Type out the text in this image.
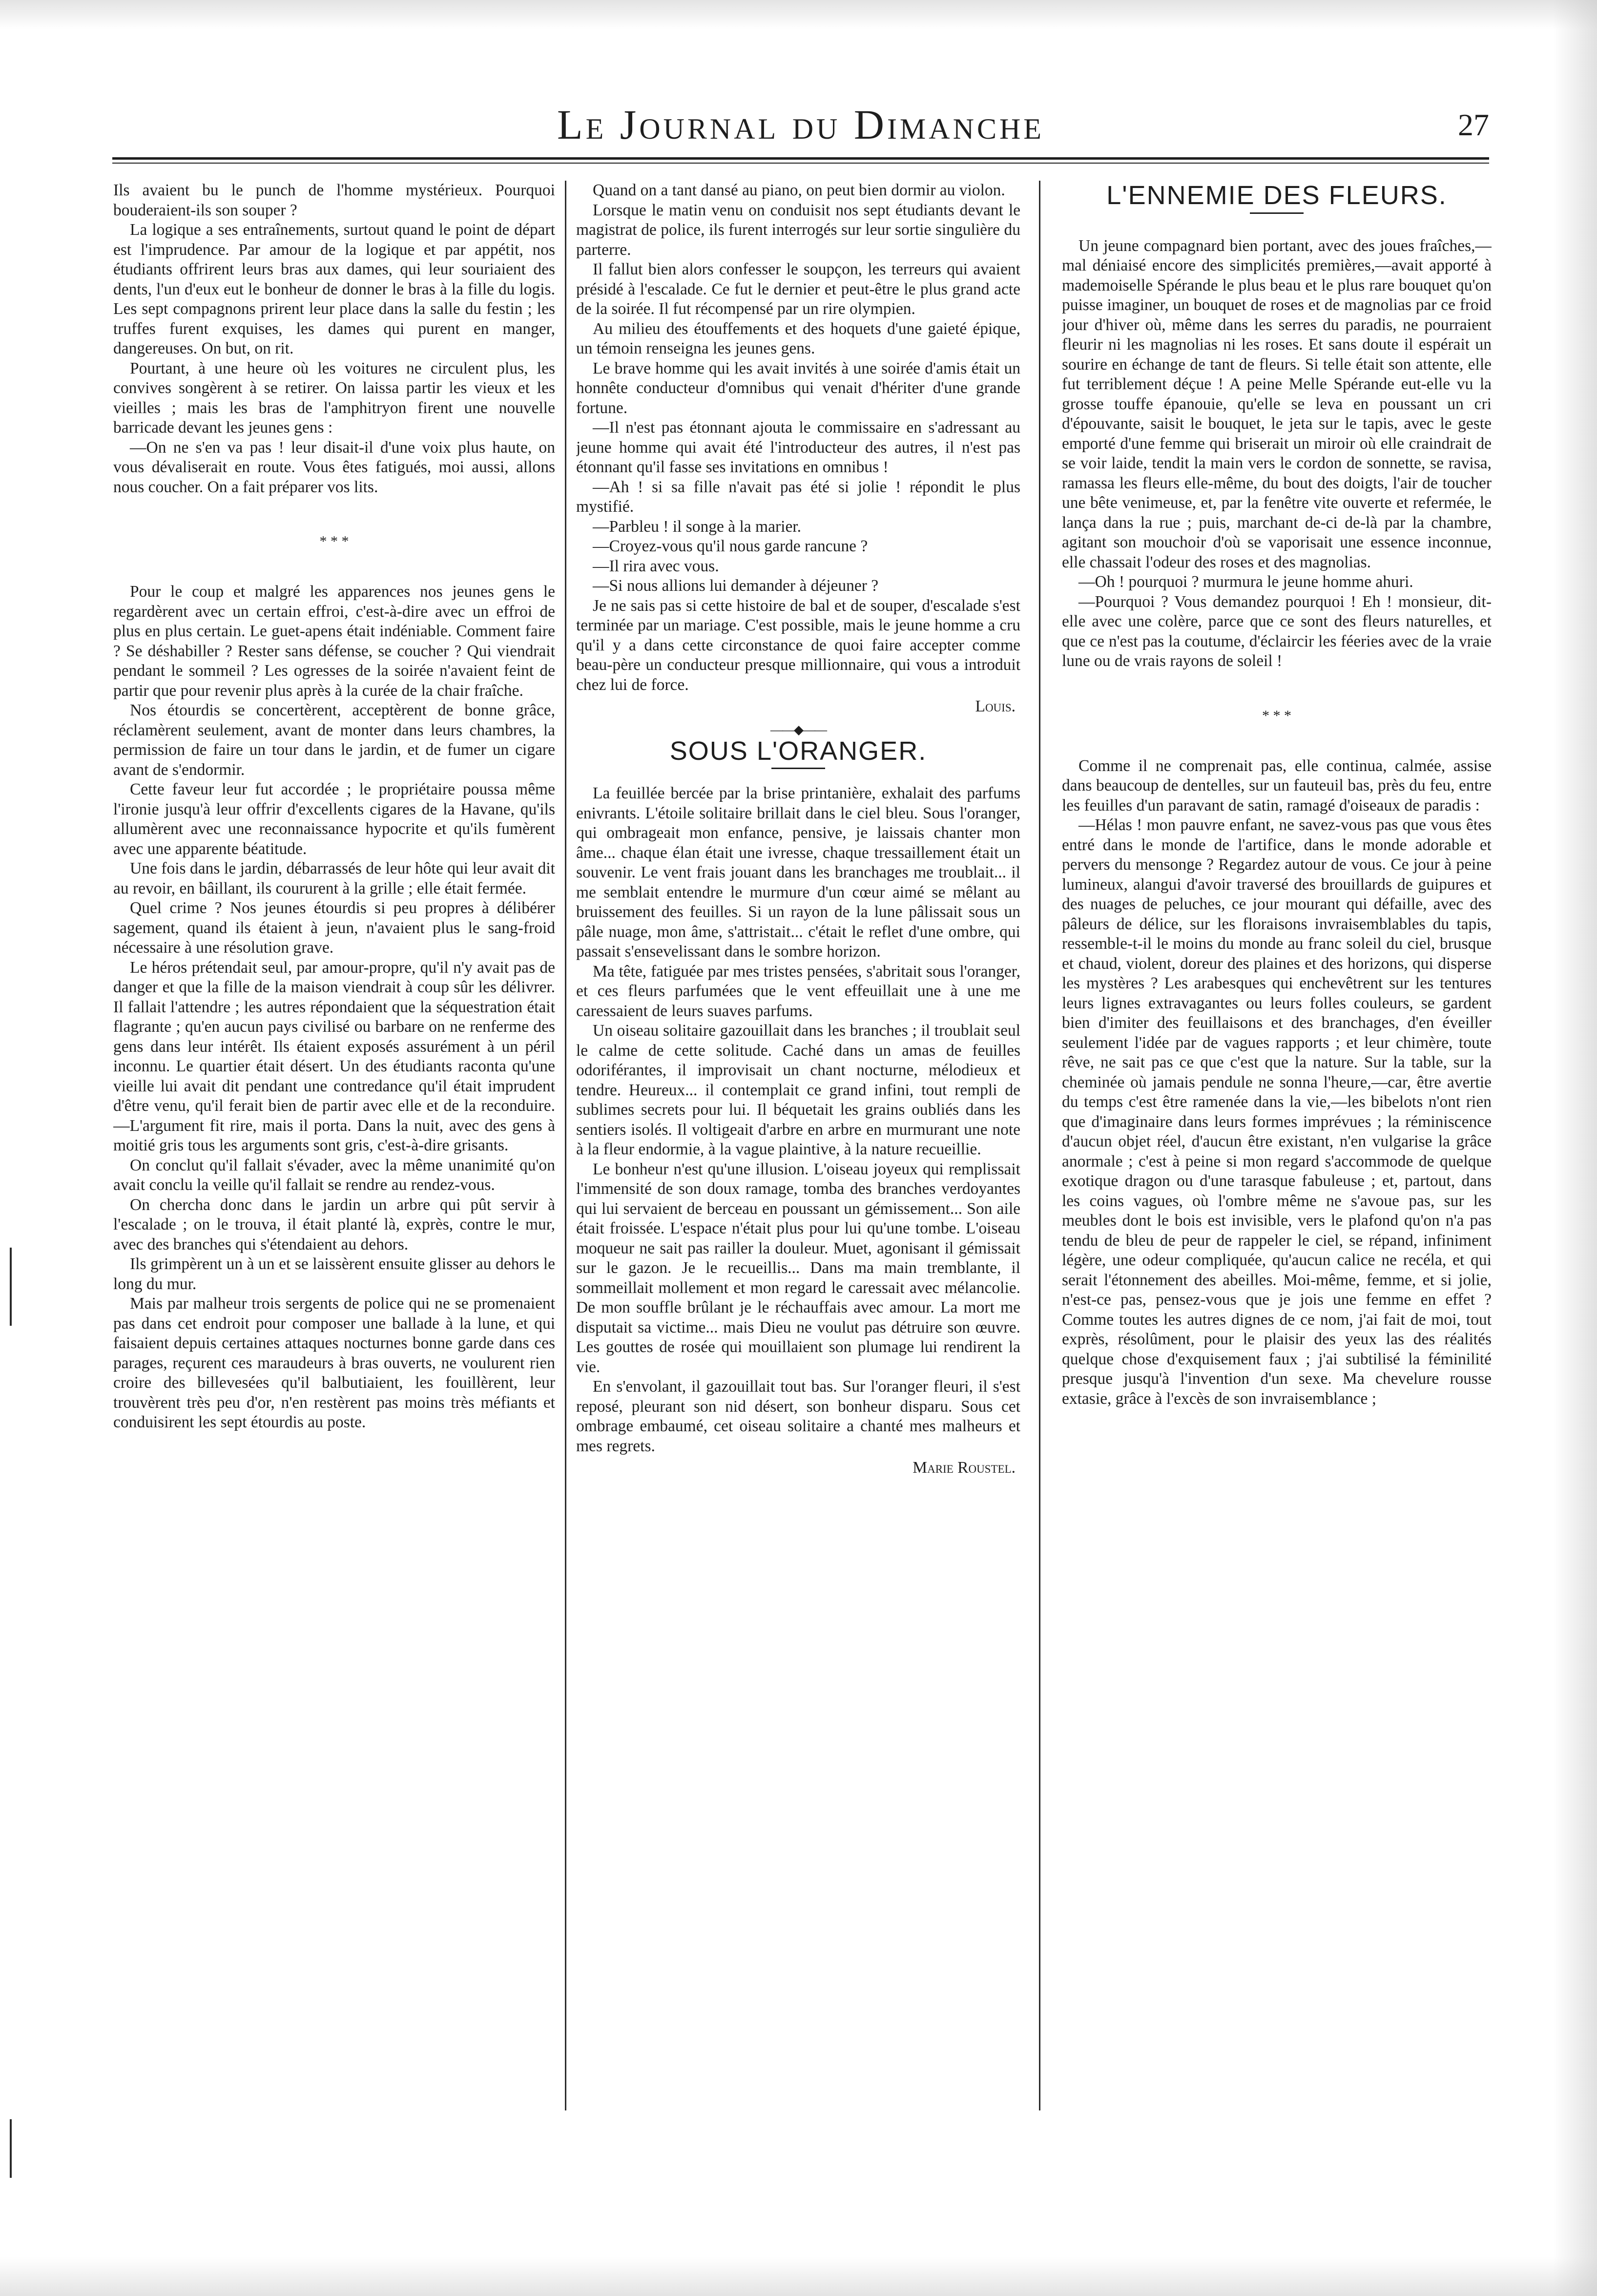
Le Journal du Dimanche	27

Ils avaient bu le punch de l'homme mystérieux. Pourquoi bouderaient-ils son souper ?

La logique a ses entraînements, surtout quand le point de départ est l'imprudence. Par amour de la logique et par appétit, nos étudiants offrirent leurs bras aux dames, qui leur souriaient des dents, l'un d'eux eut le bonheur de donner le bras à la fille du logis. Les sept compagnons prirent leur place dans la salle du festin ; les truffes furent exquises, les dames qui purent en manger, dangereuses. On but, on rit.

Pourtant, à une heure où les voitures ne circulent plus, les convives songèrent à se retirer. On laissa partir les vieux et les vieilles ; mais les bras de l'amphitryon firent une nouvelle barricade devant les jeunes gens :

—On ne s'en va pas ! leur disait-il d'une voix plus haute, on vous dévaliserait en route. Vous êtes fatigués, moi aussi, allons nous coucher. On a fait préparer vos lits.

* * *

Pour le coup et malgré les apparences nos jeunes gens le regardèrent avec un certain effroi, c'est-à-dire avec un effroi de plus en plus certain. Le guet-apens était indéniable. Comment faire ? Se déshabiller ? Rester sans défense, se coucher ? Qui viendrait pendant le sommeil ? Les ogresses de la soirée n'avaient feint de partir que pour revenir plus après à la curée de la chair fraîche.

Nos étourdis se concertèrent, acceptèrent de bonne grâce, réclamèrent seulement, avant de monter dans leurs chambres, la permission de faire un tour dans le jardin, et de fumer un cigare avant de s'endormir.

Cette faveur leur fut accordée ; le propriétaire poussa même l'ironie jusqu'à leur offrir d'excellents cigares de la Havane, qu'ils allumèrent avec une reconnaissance hypocrite et qu'ils fumèrent avec une apparente béatitude.

Une fois dans le jardin, débarrassés de leur hôte qui leur avait dit au revoir, en bâillant, ils coururent à la grille ; elle était fermée.

Quel crime ? Nos jeunes étourdis si peu propres à délibérer sagement, quand ils étaient à jeun, n'avaient plus le sang-froid nécessaire à une résolution grave.

Le héros prétendait seul, par amour-propre, qu'il n'y avait pas de danger et que la fille de la maison viendrait à coup sûr les délivrer. Il fallait l'attendre ; les autres répondaient que la séquestration était flagrante ; qu'en aucun pays civilisé ou barbare on ne renferme des gens dans leur intérêt. Ils étaient exposés assurément à un péril inconnu. Le quartier était désert. Un des étudiants raconta qu'une vieille lui avait dit pendant une contredance qu'il était imprudent d'être venu, qu'il ferait bien de partir avec elle et de la reconduire.—L'argument fit rire, mais il porta. Dans la nuit, avec des gens à moitié gris tous les arguments sont gris, c'est-à-dire grisants.

On conclut qu'il fallait s'évader, avec la même unanimité qu'on avait conclu la veille qu'il fallait se rendre au rendez-vous.

On chercha donc dans le jardin un arbre qui pût servir à l'escalade ; on le trouva, il était planté là, exprès, contre le mur, avec des branches qui s'étendaient au dehors.

Ils grimpèrent un à un et se laissèrent ensuite glisser au dehors le long du mur.

Mais par malheur trois sergents de police qui ne se promenaient pas dans cet endroit pour composer une ballade à la lune, et qui faisaient depuis certaines attaques nocturnes bonne garde dans ces parages, reçurent ces maraudeurs à bras ouverts, ne voulurent rien croire des billevesées qu'il balbutiaient, les fouillèrent, leur trouvèrent très peu d'or, n'en restèrent pas moins très méfiants et conduisirent les sept étourdis au poste.

Quand on a tant dansé au piano, on peut bien dormir au violon.

Lorsque le matin venu on conduisit nos sept étudiants devant le magistrat de police, ils furent interrogés sur leur sortie singulière du parterre.

Il fallut bien alors confesser le soupçon, les terreurs qui avaient présidé à l'escalade. Ce fut le dernier et peut-être le plus grand acte de la soirée. Il fut récompensé par un rire olympien.

Au milieu des étouffements et des hoquets d'une gaieté épique, un témoin renseigna les jeunes gens.

Le brave homme qui les avait invités à une soirée d'amis était un honnête conducteur d'omnibus qui venait d'hériter d'une grande fortune.

—Il n'est pas étonnant ajouta le commissaire en s'adressant au jeune homme qui avait été l'introducteur des autres, il n'est pas étonnant qu'il fasse ses invitations en omnibus !

—Ah ! si sa fille n'avait pas été si jolie ! répondit le plus mystifié.

—Parbleu ! il songe à la marier.

—Croyez-vous qu'il nous garde rancune ?

—Il rira avec vous.

—Si nous allions lui demander à déjeuner ?

Je ne sais pas si cette histoire de bal et de souper, d'escalade s'est terminée par un mariage. C'est possible, mais le jeune homme a cru qu'il y a dans cette circonstance de quoi faire accepter comme beau-père un conducteur presque millionnaire, qui vous a introduit chez lui de force.

Louis.
——◆——
SOUS L'ORANGER.

La feuillée bercée par la brise printanière, exhalait des parfums enivrants. L'étoile solitaire brillait dans le ciel bleu. Sous l'oranger, qui ombrageait mon enfance, pensive, je laissais chanter mon âme... chaque élan était une ivresse, chaque tressaillement était un souvenir. Le vent frais jouant dans les branchages me troublait... il me semblait entendre le murmure d'un cœur aimé se mêlant au bruissement des feuilles. Si un rayon de la lune pâlissait sous un pâle nuage, mon âme, s'attristait... c'était le reflet d'une ombre, qui passait s'ensevelissant dans le sombre horizon.

Ma tête, fatiguée par mes tristes pensées, s'abritait sous l'oranger, et ces fleurs parfumées que le vent effeuillait une à une me caressaient de leurs suaves parfums.

Un oiseau solitaire gazouillait dans les branches ; il troublait seul le calme de cette solitude. Caché dans un amas de feuilles odoriférantes, il improvisait un chant nocturne, mélodieux et tendre. Heureux... il contemplait ce grand infini, tout rempli de sublimes secrets pour lui. Il béquetait les grains oubliés dans les sentiers isolés. Il voltigeait d'arbre en arbre en murmurant une note à la fleur endormie, à la vague plaintive, à la nature recueillie.

Le bonheur n'est qu'une illusion. L'oiseau joyeux qui remplissait l'immensité de son doux ramage, tomba des branches verdoyantes qui lui servaient de berceau en poussant un gémissement... Son aile était froissée. L'espace n'était plus pour lui qu'une tombe. L'oiseau moqueur ne sait pas railler la douleur. Muet, agonisant il gémissait sur le gazon. Je le recueillis... Dans ma main tremblante, il sommeillait mollement et mon regard le caressait avec mélancolie. De mon souffle brûlant je le réchauffais avec amour. La mort me disputait sa victime... mais Dieu ne voulut pas détruire son œuvre. Les gouttes de rosée qui mouillaient son plumage lui rendirent la vie.

En s'envolant, il gazouillait tout bas. Sur l'oranger fleuri, il s'est reposé, pleurant son nid désert, son bonheur disparu. Sous cet ombrage embaumé, cet oiseau solitaire a chanté mes malheurs et mes regrets.

Marie Roustel.
L'ENNEMIE DES FLEURS.

Un jeune compagnard bien portant, avec des joues fraîches,—mal déniaisé encore des simplicités premières,—avait apporté à mademoiselle Spérande le plus beau et le plus rare bouquet qu'on puisse imaginer, un bouquet de roses et de magnolias par ce froid jour d'hiver où, même dans les serres du paradis, ne pourraient fleurir ni les magnolias ni les roses. Et sans doute il espérait un sourire en échange de tant de fleurs. Si telle était son attente, elle fut terriblement déçue ! A peine Melle Spérande eut-elle vu la grosse touffe épanouie, qu'elle se leva en poussant un cri d'épouvante, saisit le bouquet, le jeta sur le tapis, avec le geste emporté d'une femme qui briserait un miroir où elle craindrait de se voir laide, tendit la main vers le cordon de sonnette, se ravisa, ramassa les fleurs elle-même, du bout des doigts, l'air de toucher une bête venimeuse, et, par la fenêtre vite ouverte et refermée, le lança dans la rue ; puis, marchant de-ci de-là par la chambre, agitant son mouchoir d'où se vaporisait une essence inconnue, elle chassait l'odeur des roses et des magnolias.

—Oh ! pourquoi ? murmura le jeune homme ahuri.

—Pourquoi ? Vous demandez pourquoi ! Eh ! monsieur, dit-elle avec une colère, parce que ce sont des fleurs naturelles, et que ce n'est pas la coutume, d'éclaircir les féeries avec de la vraie lune ou de vrais rayons de soleil !

* * *

Comme il ne comprenait pas, elle continua, calmée, assise dans beaucoup de dentelles, sur un fauteuil bas, près du feu, entre les feuilles d'un paravant de satin, ramagé d'oiseaux de paradis :

—Hélas ! mon pauvre enfant, ne savez-vous pas que vous êtes entré dans le monde de l'artifice, dans le monde adorable et pervers du mensonge ? Regardez autour de vous. Ce jour à peine lumineux, alangui d'avoir traversé des brouillards de guipures et des nuages de peluches, ce jour mourant qui défaille, avec des pâleurs de délice, sur les floraisons invraisemblables du tapis, ressemble-t-il le moins du monde au franc soleil du ciel, brusque et chaud, violent, doreur des plaines et des horizons, qui disperse les mystères ? Les arabesques qui enchevêtrent sur les tentures leurs lignes extravagantes ou leurs folles couleurs, se gardent bien d'imiter des feuillaisons et des branchages, d'en éveiller seulement l'idée par de vagues rapports ; et leur chimère, toute rêve, ne sait pas ce que c'est que la nature. Sur la table, sur la cheminée où jamais pendule ne sonna l'heure,—car, être avertie du temps c'est être ramenée dans la vie,—les bibelots n'ont rien que d'imaginaire dans leurs formes imprévues ; la réminiscence d'aucun objet réel, d'aucun être existant, n'en vulgarise la grâce anormale ; c'est à peine si mon regard s'accommode de quelque exotique dragon ou d'une tarasque fabuleuse ; et, partout, dans les coins vagues, où l'ombre même ne s'avoue pas, sur les meubles dont le bois est invisible, vers le plafond qu'on n'a pas tendu de bleu de peur de rappeler le ciel, se répand, infiniment légère, une odeur compliquée, qu'aucun calice ne recéla, et qui serait l'étonnement des abeilles. Moi-même, femme, et si jolie, n'est-ce pas, pensez-vous que je jois une femme en effet ? Comme toutes les autres dignes de ce nom, j'ai fait de moi, tout exprès, résolûment, pour le plaisir des yeux las des réalités quelque chose d'exquisement faux ; j'ai subtilisé la féminilité presque jusqu'à l'invention d'un sexe. Ma chevelure rousse extasie, grâce à l'excès de son invraisemblance ;
